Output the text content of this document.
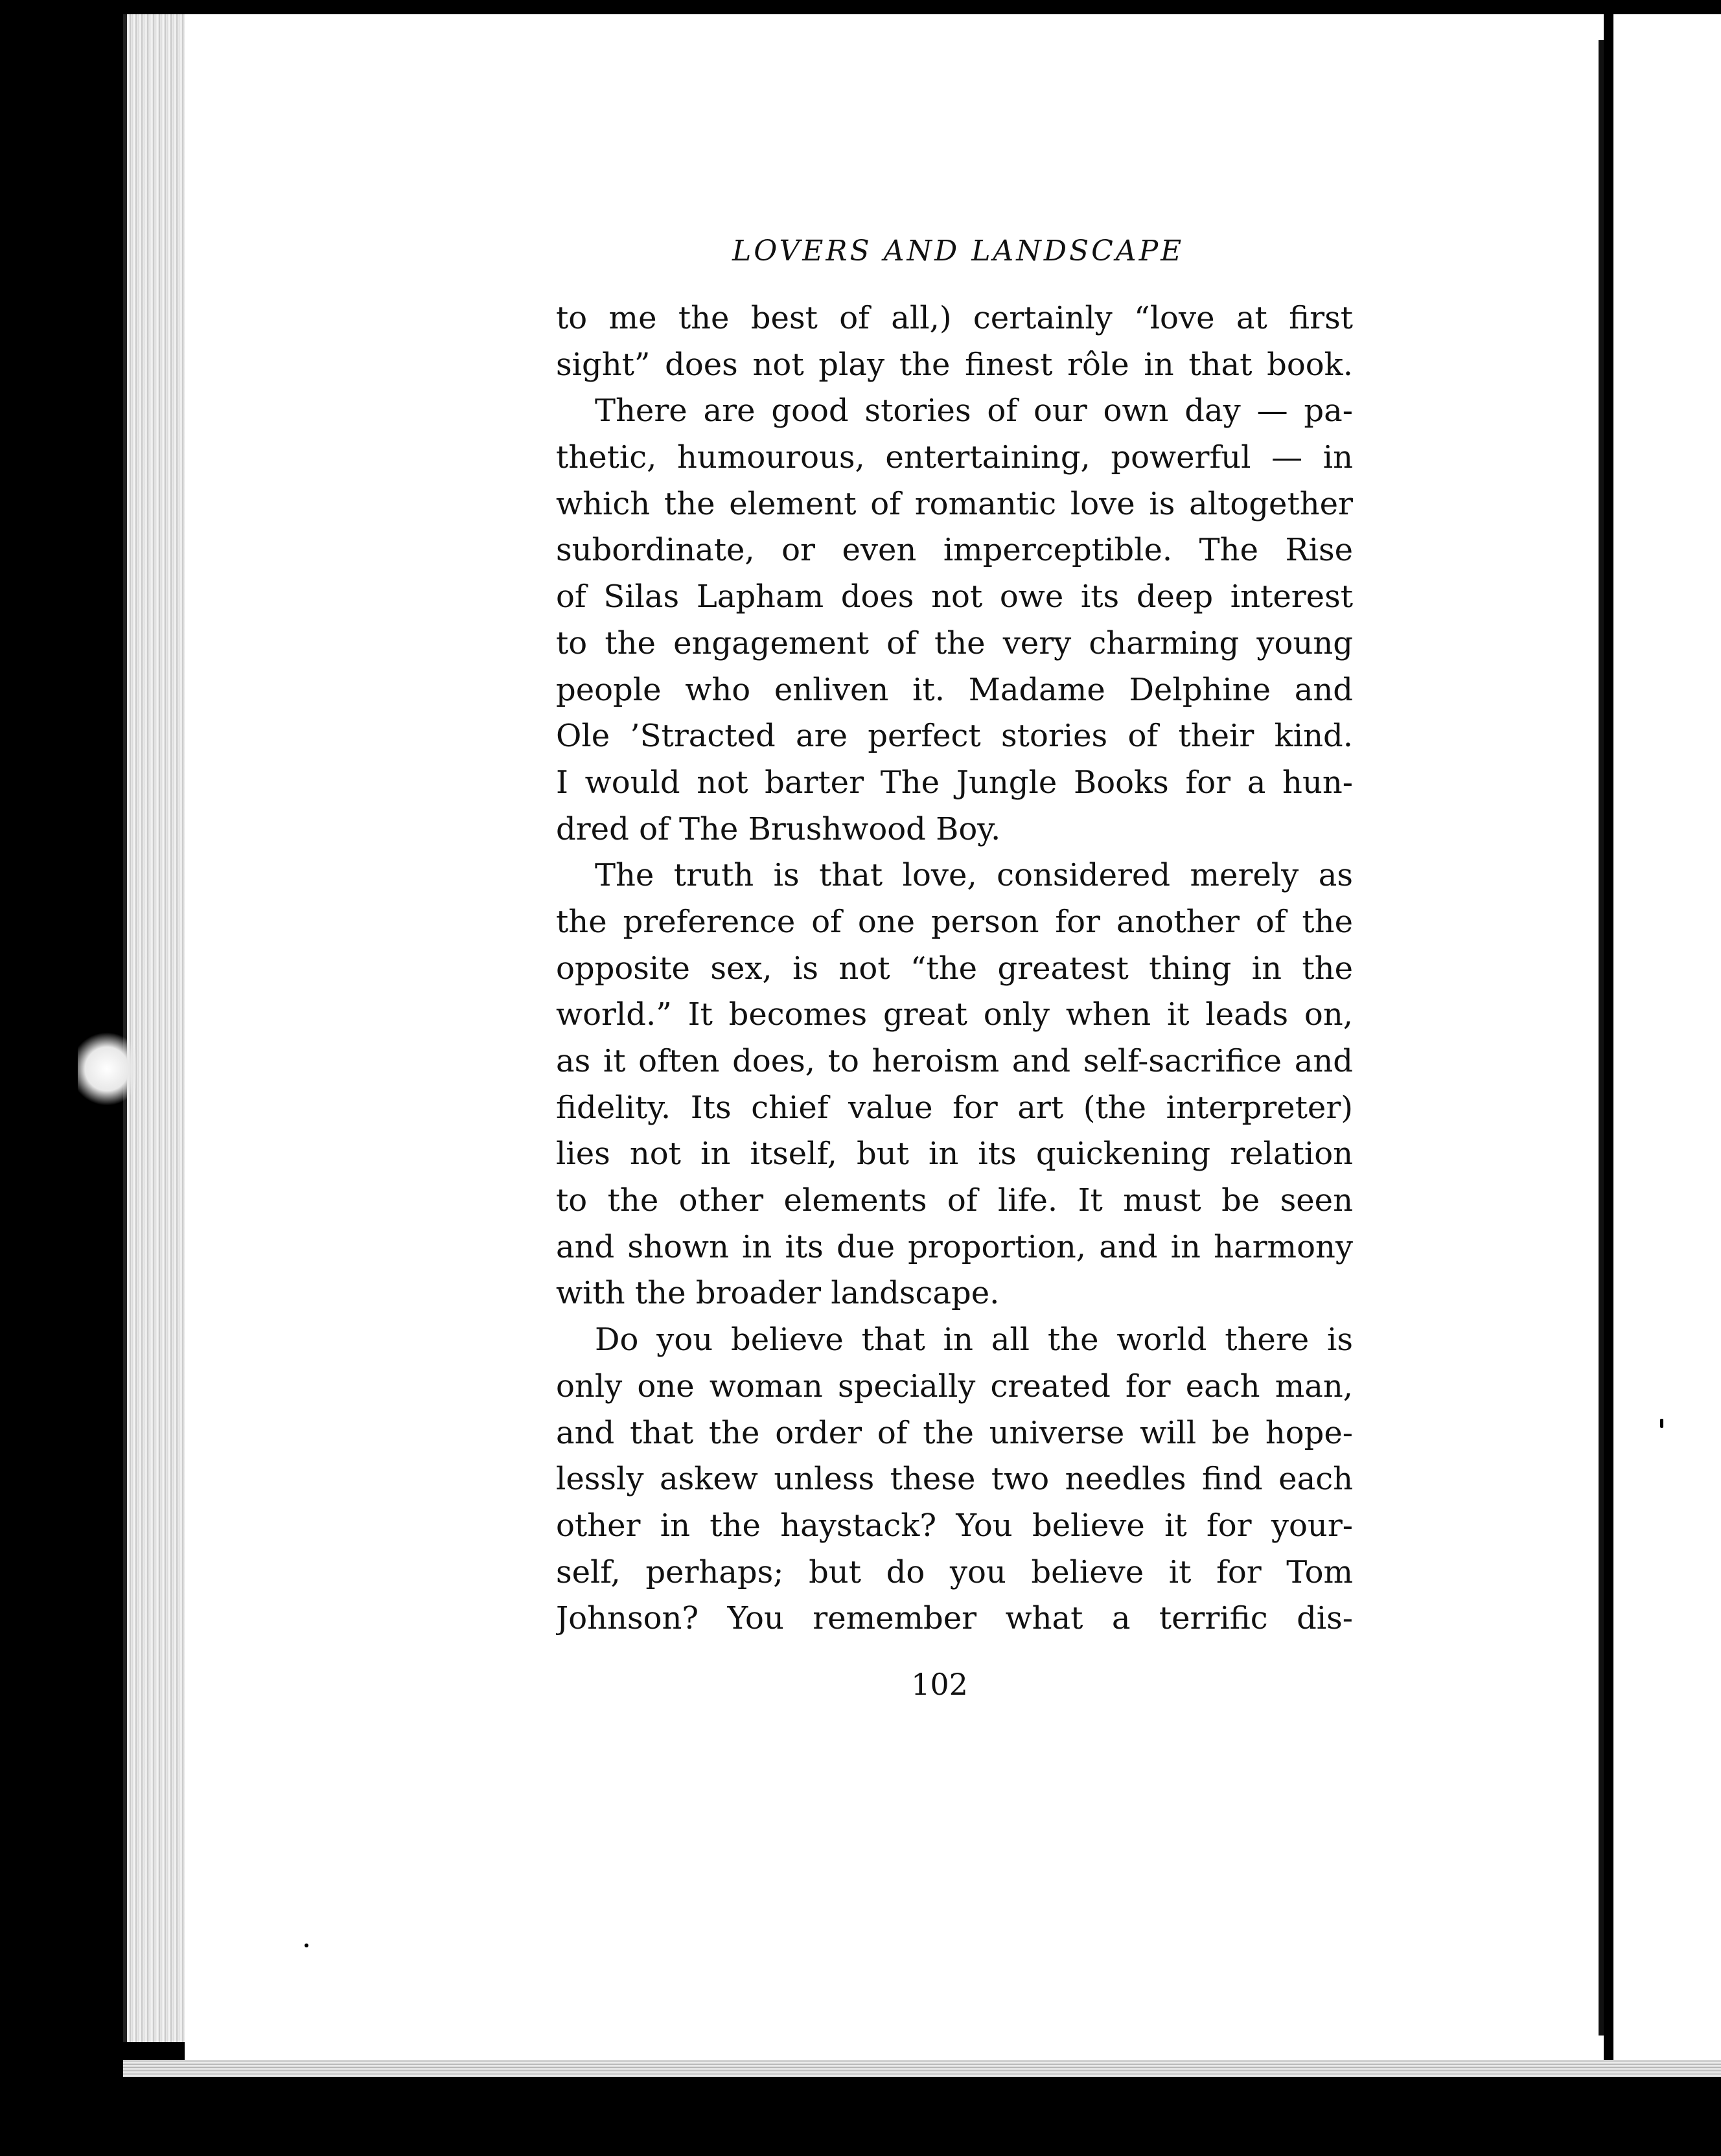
LOVERS AND LANDSCAPE
to me the best of all,) certainly “love at first
sight” does not play the finest rôle in that book.
There are good stories of our own day — pa-
thetic, humourous, entertaining, powerful — in
which the element of romantic love is altogether
subordinate, or even imperceptible. The Rise
of Silas Lapham does not owe its deep interest
to the engagement of the very charming young
people who enliven it. Madame Delphine and
Ole ’Stracted are perfect stories of their kind.
I would not barter The Jungle Books for a hun-
dred of The Brushwood Boy.
The truth is that love, considered merely as
the preference of one person for another of the
opposite sex, is not “the greatest thing in the
world.” It becomes great only when it leads on,
as it often does, to heroism and self-sacrifice and
fidelity. Its chief value for art (the interpreter)
lies not in itself, but in its quickening relation
to the other elements of life. It must be seen
and shown in its due proportion, and in harmony
with the broader landscape.
Do you believe that in all the world there is
only one woman specially created for each man,
and that the order of the universe will be hope-
lessly askew unless these two needles find each
other in the haystack? You believe it for your-
self, perhaps; but do you believe it for Tom
Johnson? You remember what a terrific dis-
102
